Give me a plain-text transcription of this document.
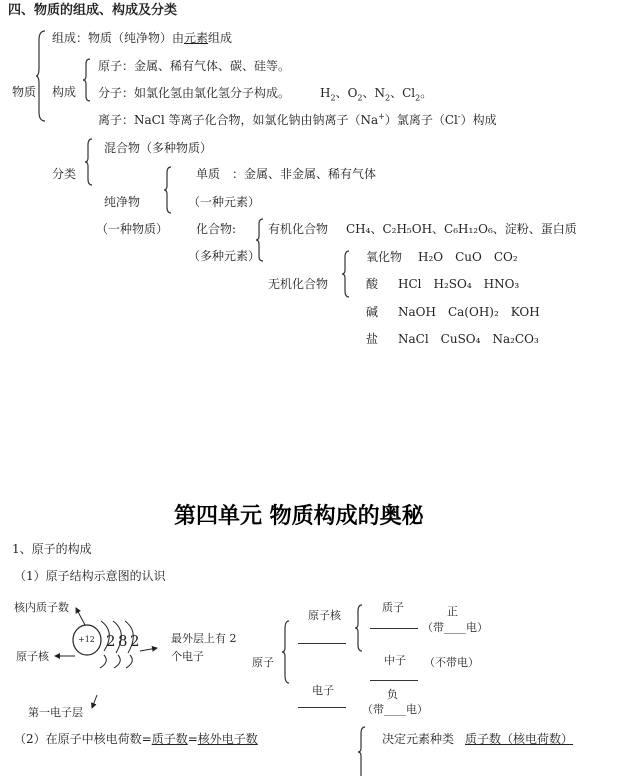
四、物质的组成、构成及分类
物质
组成：物质（纯净物）由元素组成
构成
原子：金属、稀有气体、碳、硅等。
分子：如氯化氢由氯化氢分子构成。 $H_2$、$O_2$、$N_2$、$Cl_2$。
离子：NaCl 等离子化合物，如氯化钠由钠离子（Na+）氯离子（Cl-）构成
分类
混合物（多种物质）
纯净物
（一种物质）
单质　：金属、非金属、稀有气体
（一种元素）
化合物:
（多种元素）
有机化合物 CH₄、C₂H₅OH、C₆H₁₂O₆、淀粉、蛋白质
无机化合物
氧化物 H₂O　CuO　CO₂
酸 HCl　H₂SO₄　HNO₃
碱 NaOH　Ca(OH)₂　KOH
盐 NaCl　CuSO₄　Na₂CO₃
第四单元 物质构成的奥秘
1、原子的构成
（1）原子结构示意图的认识
核内质子数
原子核
+12 2 8 2	最外层上有 2
个电子
第一电子层
原子
原子核
电子
质子	正
（带____电）
中子 （不带电）
负
（带____电）
（2）在原子中核电荷数=质子数=核外电子数	决定元素种类 质子数（核电荷数）
